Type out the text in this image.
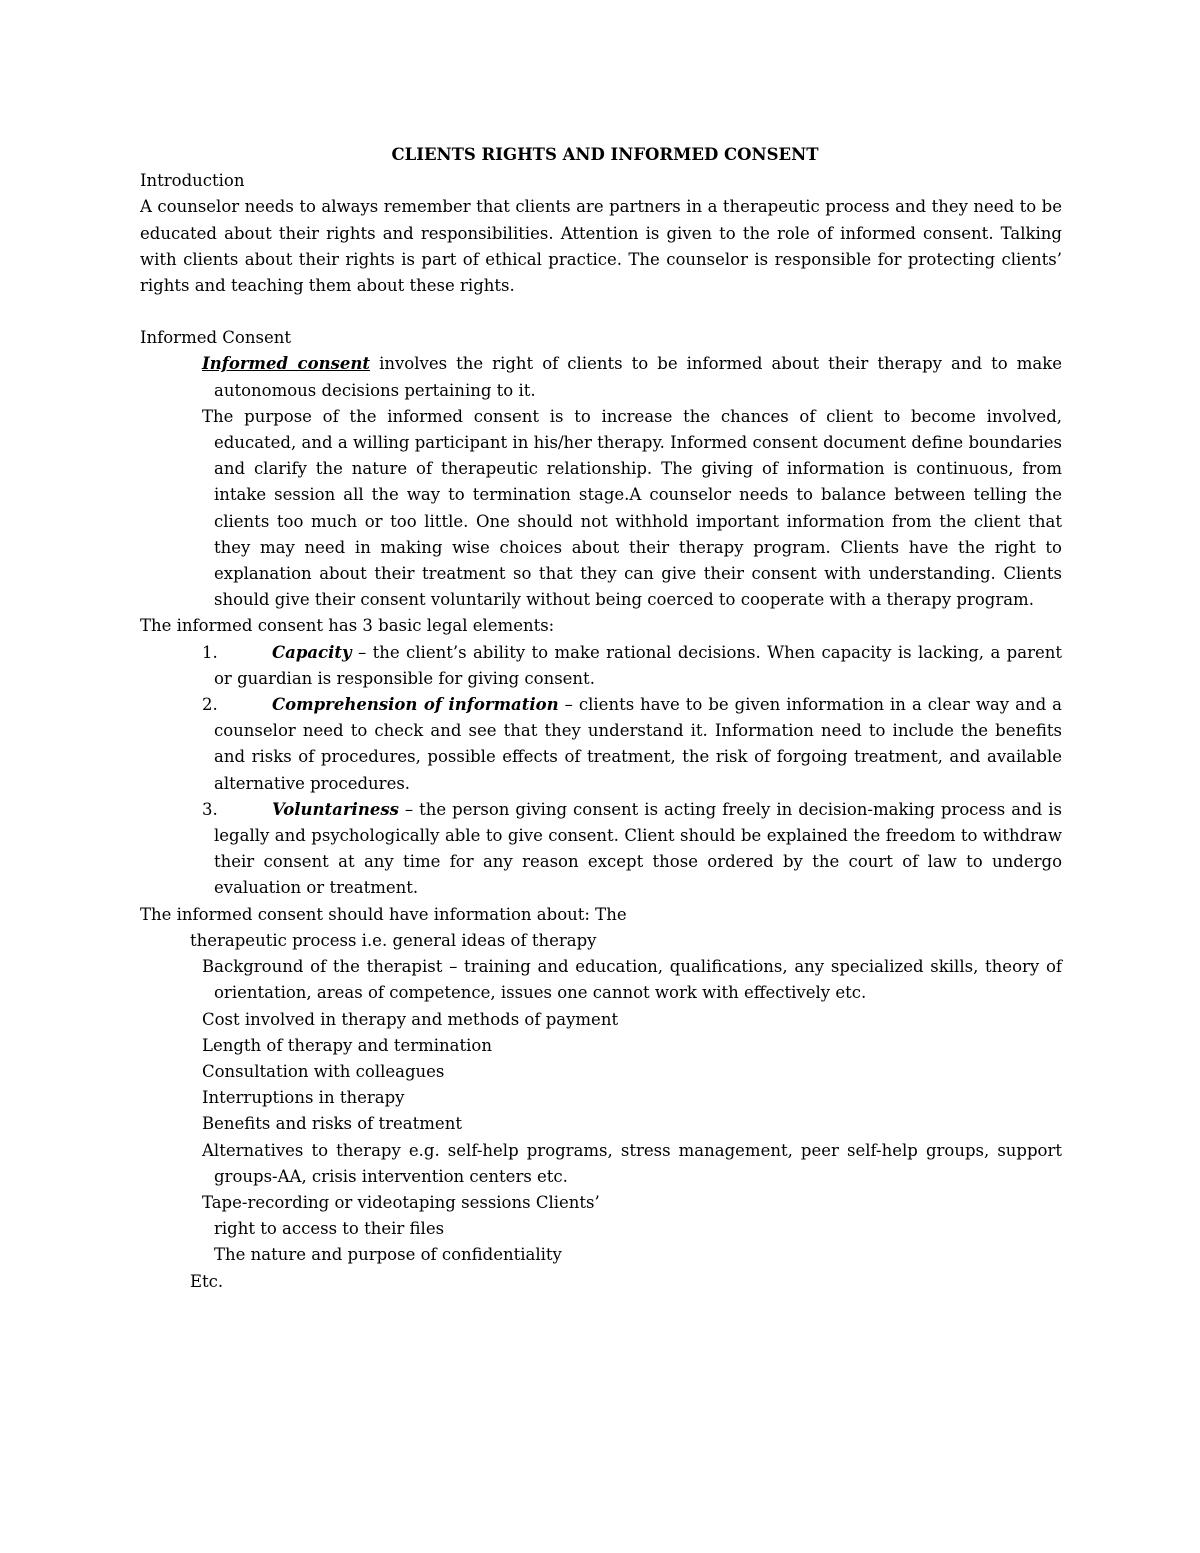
CLIENTS RIGHTS AND INFORMED CONSENT

Introduction

A counselor needs to always remember that clients are partners in a therapeutic process and they need to be educated about their rights and responsibilities. Attention is given to the role of informed consent. Talking with clients about their rights is part of ethical practice. The counselor is responsible for protecting clients’ rights and teaching them about these rights.

Informed Consent

Informed consent involves the right of clients to be informed about their therapy and to make autonomous decisions pertaining to it.

The purpose of the informed consent is to increase the chances of client to become involved, educated, and a willing participant in his/her therapy. Informed consent document define boundaries and clarify the nature of therapeutic relationship. The giving of information is continuous, from intake session all the way to termination stage.A counselor needs to balance between telling the clients too much or too little. One should not withhold important information from the client that they may need in making wise choices about their therapy program. Clients have the right to explanation about their treatment so that they can give their consent with understanding. Clients should give their consent voluntarily without being coerced to cooperate with a therapy program.

The informed consent has 3 basic legal elements:

1.	Capacity – the client’s ability to make rational decisions. When capacity is lacking, a parent or guardian is responsible for giving consent.

2.	Comprehension of information – clients have to be given information in a clear way and a counselor need to check and see that they understand it. Information need to include the benefits and risks of procedures, possible effects of treatment, the risk of forgoing treatment, and available alternative procedures.

3.	Voluntariness – the person giving consent is acting freely in decision-making process and is legally and psychologically able to give consent. Client should be explained the freedom to withdraw their consent at any time for any reason except those ordered by the court of law to undergo evaluation or treatment.

The informed consent should have information about: The

therapeutic process i.e. general ideas of therapy

Background of the therapist – training and education, qualifications, any specialized skills, theory of orientation, areas of competence, issues one cannot work with effectively etc.

Cost involved in therapy and methods of payment

Length of therapy and termination

Consultation with colleagues

Interruptions in therapy

Benefits and risks of treatment

Alternatives to therapy e.g. self-help programs, stress management, peer self-help groups, support groups-AA, crisis intervention centers etc.

Tape-recording or videotaping sessions Clients’

right to access to their files

The nature and purpose of confidentiality

Etc.
